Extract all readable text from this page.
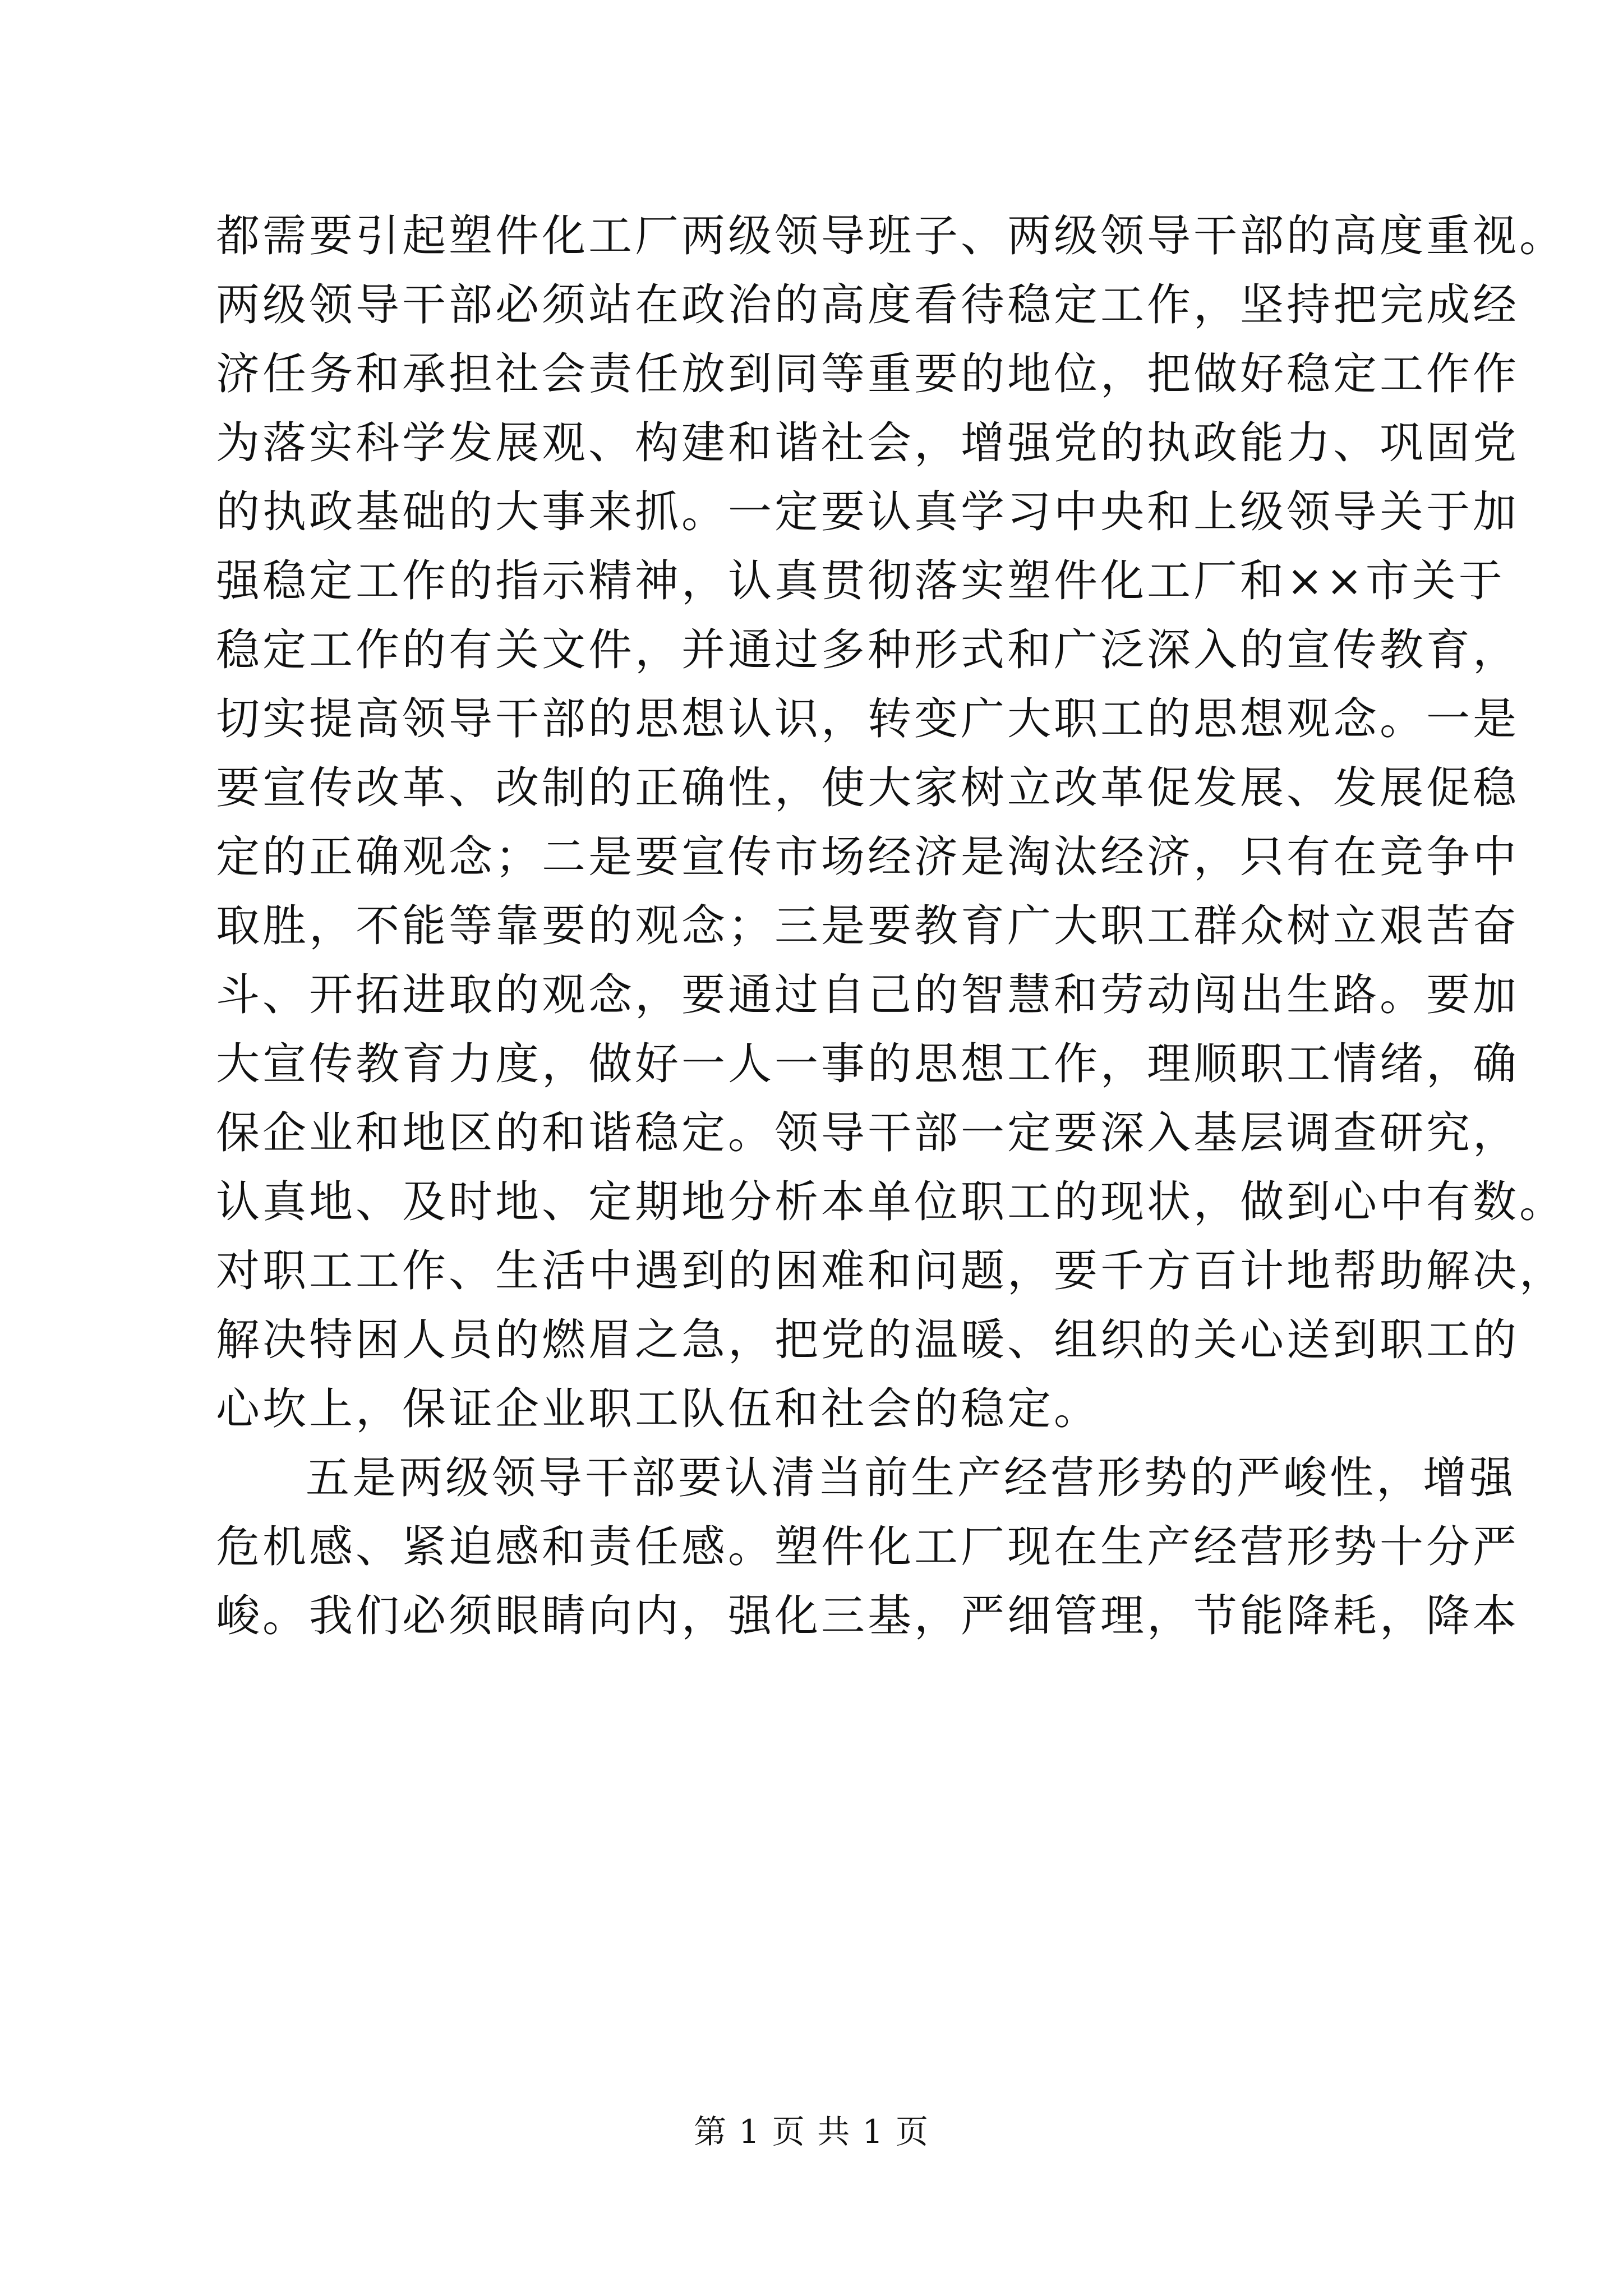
都需要引起塑件化工厂两级领导班子、两级领导干部的高度重视。
两级领导干部必须站在政治的高度看待稳定工作，坚持把完成经
济任务和承担社会责任放到同等重要的地位，把做好稳定工作作
为落实科学发展观、构建和谐社会，增强党的执政能力、巩固党
的执政基础的大事来抓。一定要认真学习中央和上级领导关于加
强稳定工作的指示精神，认真贯彻落实塑件化工厂和××市关于
稳定工作的有关文件，并通过多种形式和广泛深入的宣传教育，
切实提高领导干部的思想认识，转变广大职工的思想观念。一是
要宣传改革、改制的正确性，使大家树立改革促发展、发展促稳
定的正确观念；二是要宣传市场经济是淘汰经济，只有在竞争中
取胜，不能等靠要的观念；三是要教育广大职工群众树立艰苦奋
斗、开拓进取的观念，要通过自己的智慧和劳动闯出生路。要加
大宣传教育力度，做好一人一事的思想工作，理顺职工情绪，确
保企业和地区的和谐稳定。领导干部一定要深入基层调查研究，
认真地、及时地、定期地分析本单位职工的现状，做到心中有数。
对职工工作、生活中遇到的困难和问题，要千方百计地帮助解决，
解决特困人员的燃眉之急，把党的温暖、组织的关心送到职工的
心坎上，保证企业职工队伍和社会的稳定。
五是两级领导干部要认清当前生产经营形势的严峻性，增强
危机感、紧迫感和责任感。塑件化工厂现在生产经营形势十分严
峻。我们必须眼睛向内，强化三基，严细管理，节能降耗，降本
第 1 页 共 1 页
